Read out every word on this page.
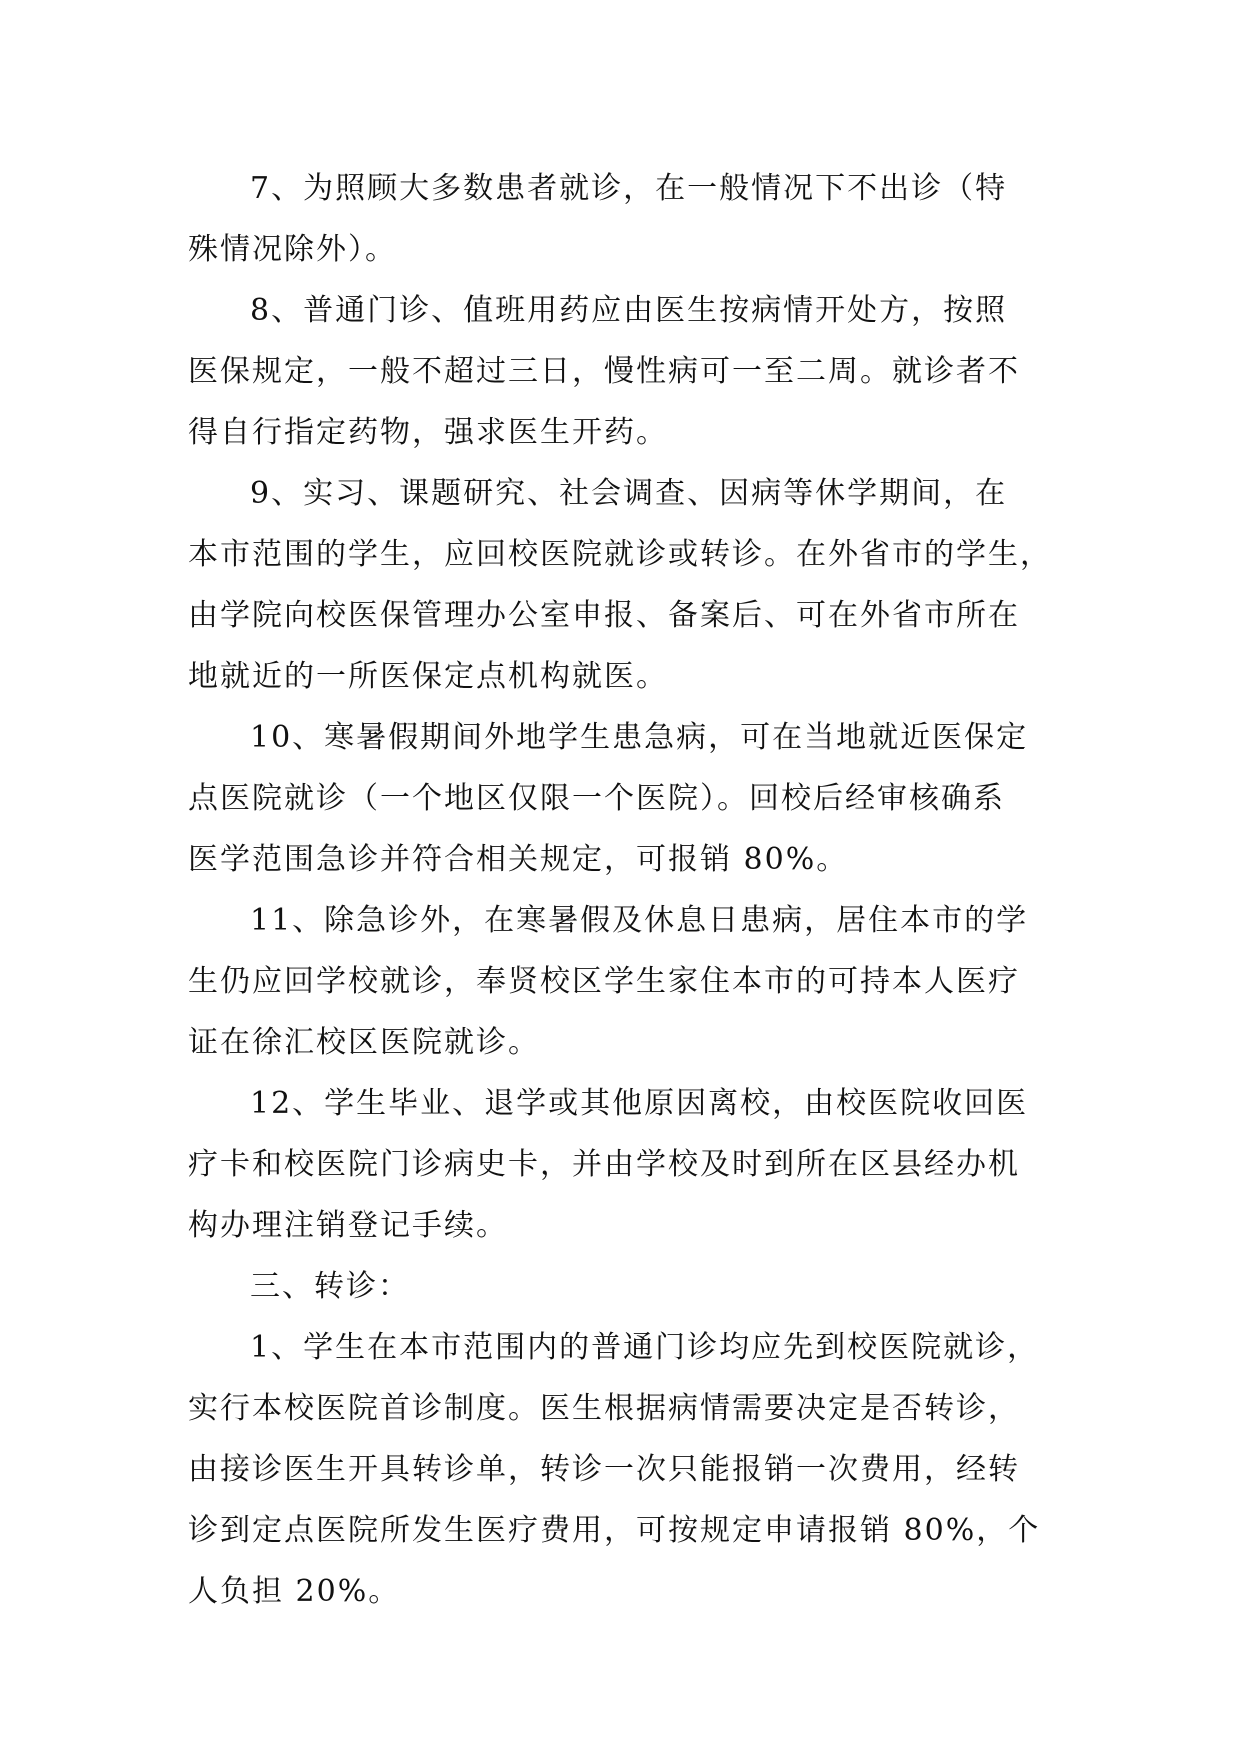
7、为照顾大多数患者就诊，在一般情况下不出诊（特
殊情况除外）。

8、普通门诊、值班用药应由医生按病情开处方，按照
医保规定，一般不超过三日，慢性病可一至二周。就诊者不
得自行指定药物，强求医生开药。

9、实习、课题研究、社会调查、因病等休学期间，在
本市范围的学生，应回校医院就诊或转诊。在外省市的学生，
由学院向校医保管理办公室申报、备案后、可在外省市所在
地就近的一所医保定点机构就医。

10、寒暑假期间外地学生患急病，可在当地就近医保定
点医院就诊（一个地区仅限一个医院）。回校后经审核确系
医学范围急诊并符合相关规定，可报销 80%。

11、除急诊外，在寒暑假及休息日患病，居住本市的学
生仍应回学校就诊，奉贤校区学生家住本市的可持本人医疗
证在徐汇校区医院就诊。

12、学生毕业、退学或其他原因离校，由校医院收回医
疗卡和校医院门诊病史卡，并由学校及时到所在区县经办机
构办理注销登记手续。

三、转诊：

1、学生在本市范围内的普通门诊均应先到校医院就诊，
实行本校医院首诊制度。医生根据病情需要决定是否转诊，
由接诊医生开具转诊单，转诊一次只能报销一次费用，经转
诊到定点医院所发生医疗费用，可按规定申请报销 80%，个
人负担 20%。
